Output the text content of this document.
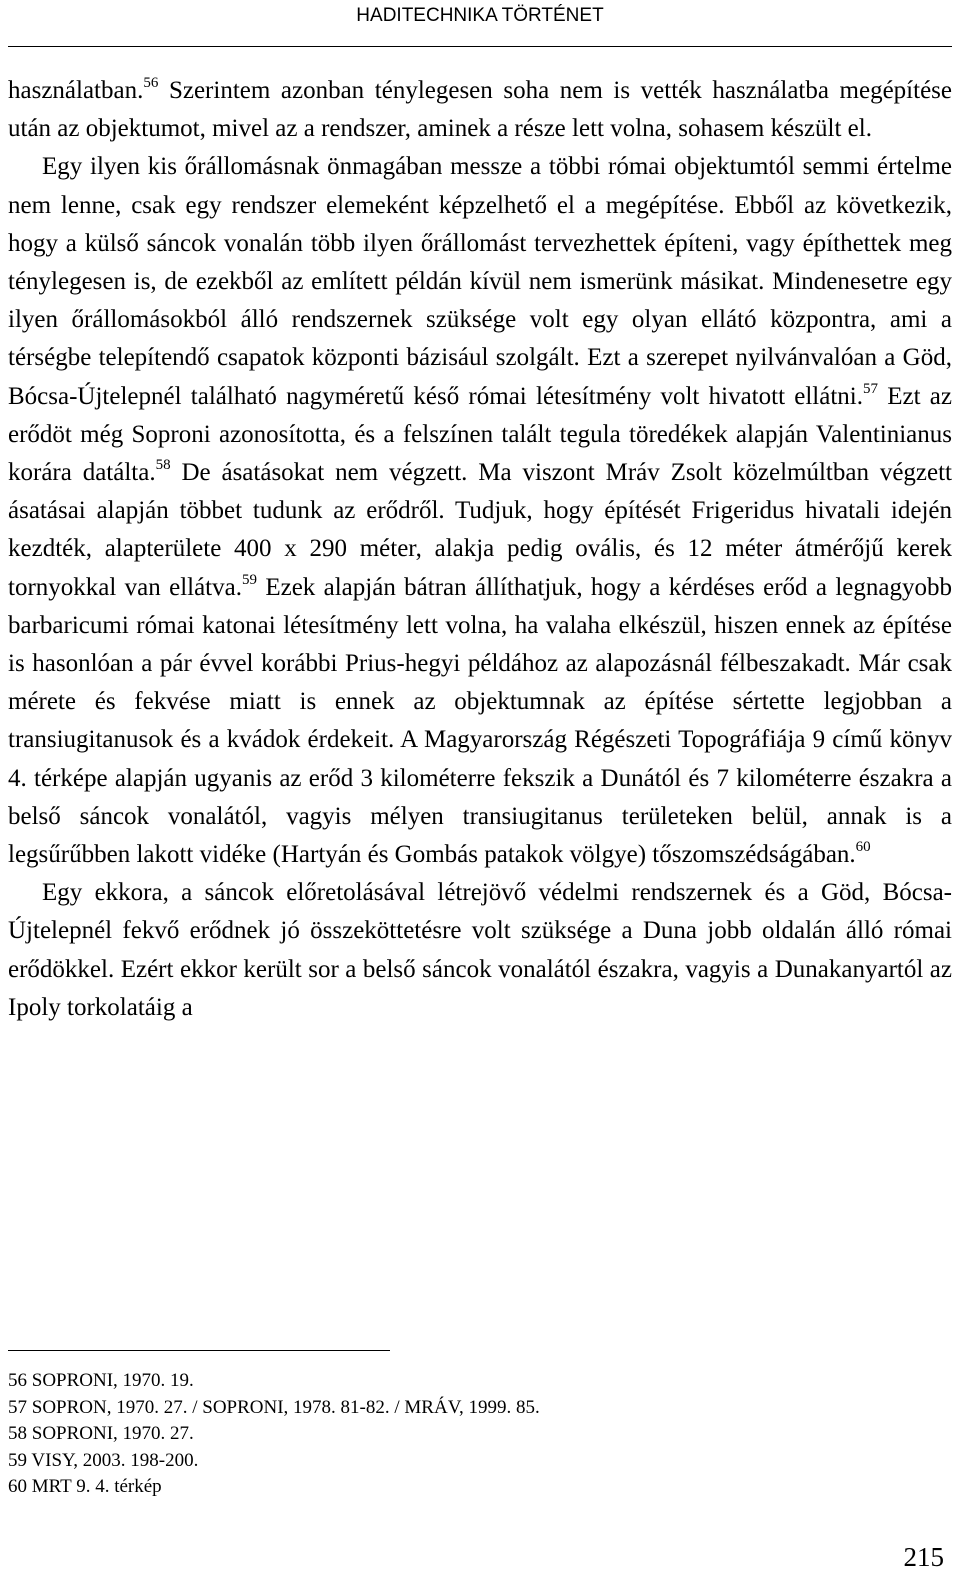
HADITECHNIKA TÖRTÉNET

használatban.$^{56}$ Szerintem azonban ténylegesen soha nem is vették használatba megépítése után az objektumot, mivel az a rendszer, aminek a része lett volna, sohasem készült el.

Egy ilyen kis őrállomásnak önmagában messze a többi római objektumtól semmi értelme nem lenne, csak egy rendszer elemeként képzelhető el a megépítése. Ebből az következik, hogy a külső sáncok vonalán több ilyen őrállomást tervezhettek építeni, vagy építhettek meg ténylegesen is, de ezekből az említett példán kívül nem ismerünk másikat. Mindenesetre egy ilyen őrállomásokból álló rendszernek szüksége volt egy olyan ellátó központra, ami a térségbe telepítendő csapatok központi bázisául szolgált. Ezt a szerepet nyilvánvalóan a Göd, Bócsa-Újtelepnél található nagyméretű késő római létesítmény volt hivatott ellátni.$^{57}$ Ezt az erődöt még Soproni azonosította, és a felszínen talált tegula töredékek alapján Valentinianus korára datálta.$^{58}$ De ásatásokat nem végzett. Ma viszont Mráv Zsolt közelmúltban végzett ásatásai alapján többet tudunk az erődről. Tudjuk, hogy építését Frigeridus hivatali idején kezdték, alapterülete 400 x 290 méter, alakja pedig ovális, és 12 méter átmérőjű kerek tornyokkal van ellátva.$^{59}$ Ezek alapján bátran állíthatjuk, hogy a kérdéses erőd a legnagyobb barbaricumi római katonai létesítmény lett volna, ha valaha elkészül, hiszen ennek az építése is hasonlóan a pár évvel korábbi Prius-hegyi példához az alapozásnál félbeszakadt. Már csak mérete és fekvése miatt is ennek az objektumnak az építése sértette legjobban a transiugitanusok és a kvádok érdekeit. A Magyarország Régészeti Topográfiája 9 című könyv 4. térképe alapján ugyanis az erőd 3 kilométerre fekszik a Dunától és 7 kilométerre északra a belső sáncok vonalától, vagyis mélyen transiugitanus területeken belül, annak is a legsűrűbben lakott vidéke (Hartyán és Gombás patakok völgye) tőszomszédságában.$^{60}$

Egy ekkora, a sáncok előretolásával létrejövő védelmi rendszernek és a Göd, Bócsa-Újtelepnél fekvő erődnek jó összeköttetésre volt szüksége a Duna jobb oldalán álló római erődökkel. Ezért ekkor került sor a belső sáncok vonalától északra, vagyis a Dunakanyartól az Ipoly torkolatáig a

56 SOPRONI, 1970. 19.
57 SOPRON, 1970. 27. / SOPRONI, 1978. 81-82. / MRÁV, 1999. 85.
58 SOPRONI, 1970. 27.
59 VISY, 2003. 198-200.
60 MRT 9. 4. térkép
215
